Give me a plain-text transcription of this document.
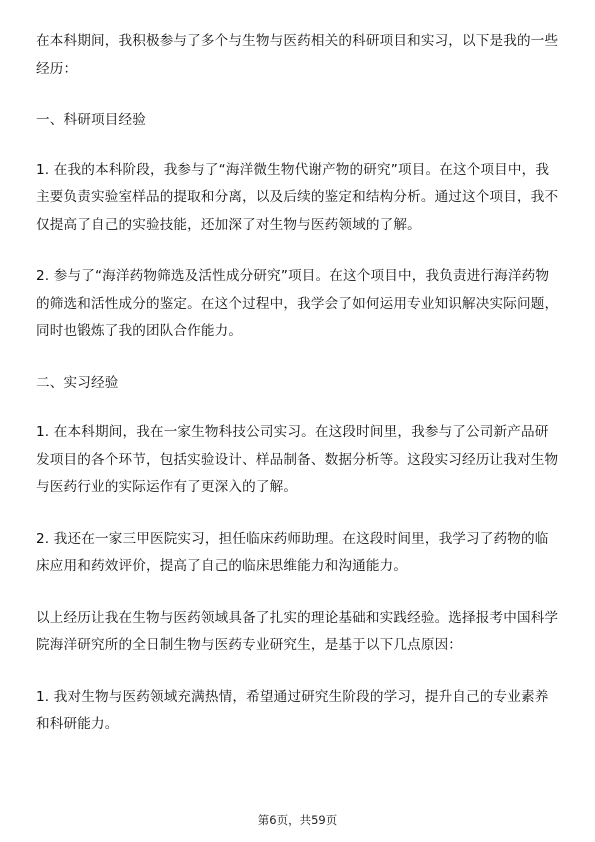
在本科期间，我积极参与了多个与生物与医药相关的科研项目和实习，以下是我的一些经历：

一、科研项目经验

1. 在我的本科阶段，我参与了“海洋微生物代谢产物的研究”项目。在这个项目中，我主要负责实验室样品的提取和分离，以及后续的鉴定和结构分析。通过这个项目，我不仅提高了自己的实验技能，还加深了对生物与医药领域的了解。

2. 参与了“海洋药物筛选及活性成分研究”项目。在这个项目中，我负责进行海洋药物的筛选和活性成分的鉴定。在这个过程中，我学会了如何运用专业知识解决实际问题，同时也锻炼了我的团队合作能力。

二、实习经验

1. 在本科期间，我在一家生物科技公司实习。在这段时间里，我参与了公司新产品研发项目的各个环节，包括实验设计、样品制备、数据分析等。这段实习经历让我对生物与医药行业的实际运作有了更深入的了解。

2. 我还在一家三甲医院实习，担任临床药师助理。在这段时间里，我学习了药物的临床应用和药效评价，提高了自己的临床思维能力和沟通能力。

以上经历让我在生物与医药领域具备了扎实的理论基础和实践经验。选择报考中国科学院海洋研究所的全日制生物与医药专业研究生，是基于以下几点原因：

1. 我对生物与医药领域充满热情，希望通过研究生阶段的学习，提升自己的专业素养和科研能力。

第6页，共59页
